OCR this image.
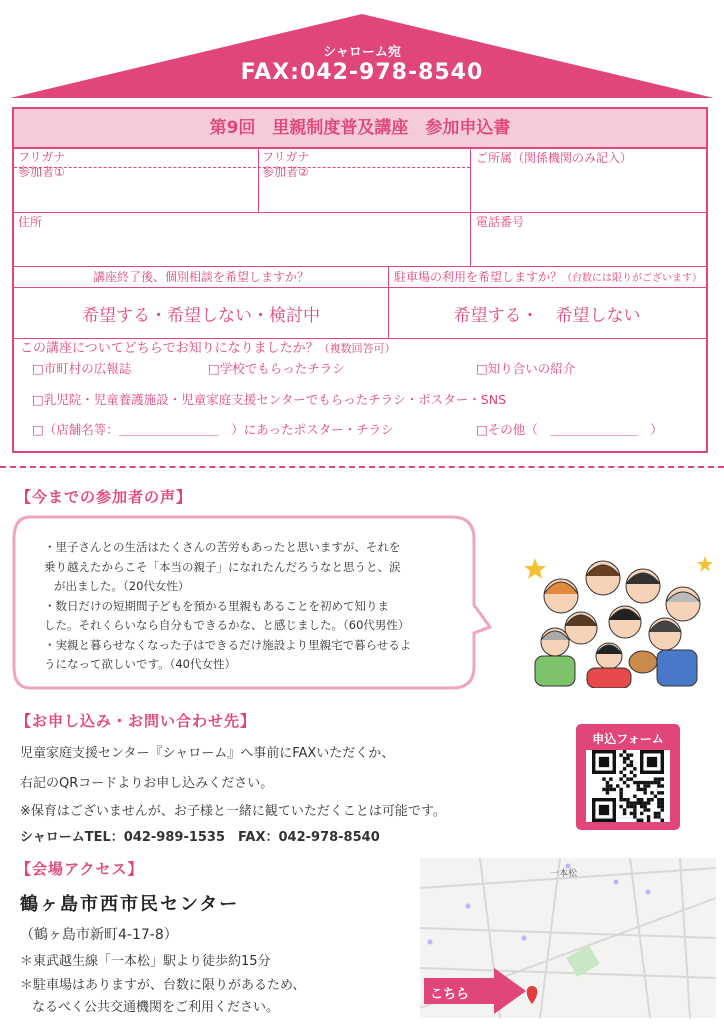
シャローム宛
FAX:042-978-8540
第9回　里親制度普及講座　参加申込書
フリガナ
参加者①
フリガナ
参加者②
ご所属（関係機関のみ記入）
住所	電話番号
講座終了後、個別相談を希望しますか？	駐車場の利用を希望しますか？（台数には限りがございます）
希望する・希望しない・検討中	希望する・　希望しない
この講座についてどちらでお知りになりましたか？（複数回答可）
□市町村の広報誌	□学校でもらったチラシ	□知り合いの紹介
□乳児院・児童養護施設・児童家庭支援センターでもらったチラシ・ポスター・SNS
□（店舗名等：＿＿＿＿＿＿＿＿　）にあったポスター・チラシ	□その他（　＿＿＿＿＿＿＿　）
【今までの参加者の声】
・里子さんとの生活はたくさんの苦労もあったと思いますが、それを
乗り越えたからこそ「本当の親子」になれたんだろうなと思うと、涙
が出ました。（20代女性）
・数日だけの短期間子どもを預かる里親もあることを初めて知りま
した。それくらいなら自分もできるかな、と感じました。（60代男性）
・実親と暮らせなくなった子はできるだけ施設より里親宅で暮らせるよ
うになって欲しいです。（40代女性）
【お申し込み・お問い合わせ先】
児童家庭支援センター『シャローム』へ事前にFAXいただくか、
右記のQRコードよりお申し込みください。
※保育はございませんが、お子様と一緒に観ていただくことは可能です。
シャロームTEL：042-989-1535　FAX：042-978-8540
申込フォーム
【会場アクセス】
鶴ヶ島市西市民センター
（鶴ヶ島市新町4-17-8）
＊東武越生線「一本松」駅より徒歩約15分
＊駐車場はありますが、台数に限りがあるため、
なるべく公共交通機関をご利用ください。
一本松
こちら
